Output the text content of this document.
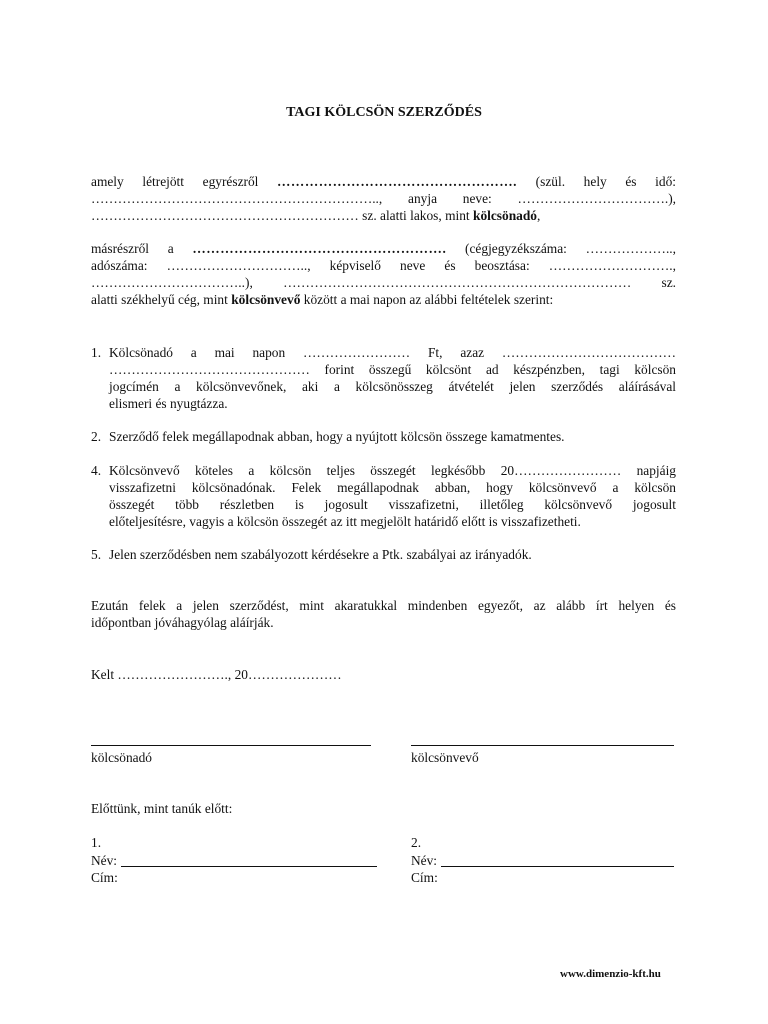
TAGI KÖLCSÖN SZERZŐDÉS
amely létrejött egyrészről ……………………………………………. (szül. hely és idő:
……………………………………………………….., anyja neve: …………………………….),
…………………………………………………… sz. alatti lakos, mint kölcsönadó,
másrészről a ………………………………………………. (cégjegyzékszáma: ………………..,
adószáma: ………………………….., képviselő neve és beosztása: ……………………….,
……………………………..), …………………………………………………………………… sz.
alatti székhelyű cég, mint kölcsönvevő között a mai napon az alábbi feltételek szerint:
1. Kölcsönadó a mai napon …………………… Ft, azaz …………………………………
……………………………………… forint összegű kölcsönt ad készpénzben, tagi kölcsön
jogcímén a kölcsönvevőnek, aki a kölcsönösszeg átvételét jelen szerződés aláírásával
elismeri és nyugtázza.
2. Szerződő felek megállapodnak abban, hogy a nyújtott kölcsön összege kamatmentes.
4. Kölcsönvevő köteles a kölcsön teljes összegét legkésőbb 20…………………… napjáig
visszafizetni kölcsönadónak. Felek megállapodnak abban, hogy kölcsönvevő a kölcsön
összegét több részletben is jogosult visszafizetni, illetőleg kölcsönvevő jogosult
előteljesítésre, vagyis a kölcsön összegét az itt megjelölt határidő előtt is visszafizetheti.
5. Jelen szerződésben nem szabályozott kérdésekre a Ptk. szabályai az irányadók.
Ezután felek a jelen szerződést, mint akaratukkal mindenben egyezőt, az alább írt helyen és
időpontban jóváhagyólag aláírják.
Kelt ……………………., 20…………………
kölcsönadó	kölcsönvevő
Előttünk, mint tanúk előtt:
1.
Név:
Cím:
2.
Név:
Cím:
www.dimenzio-kft.hu
